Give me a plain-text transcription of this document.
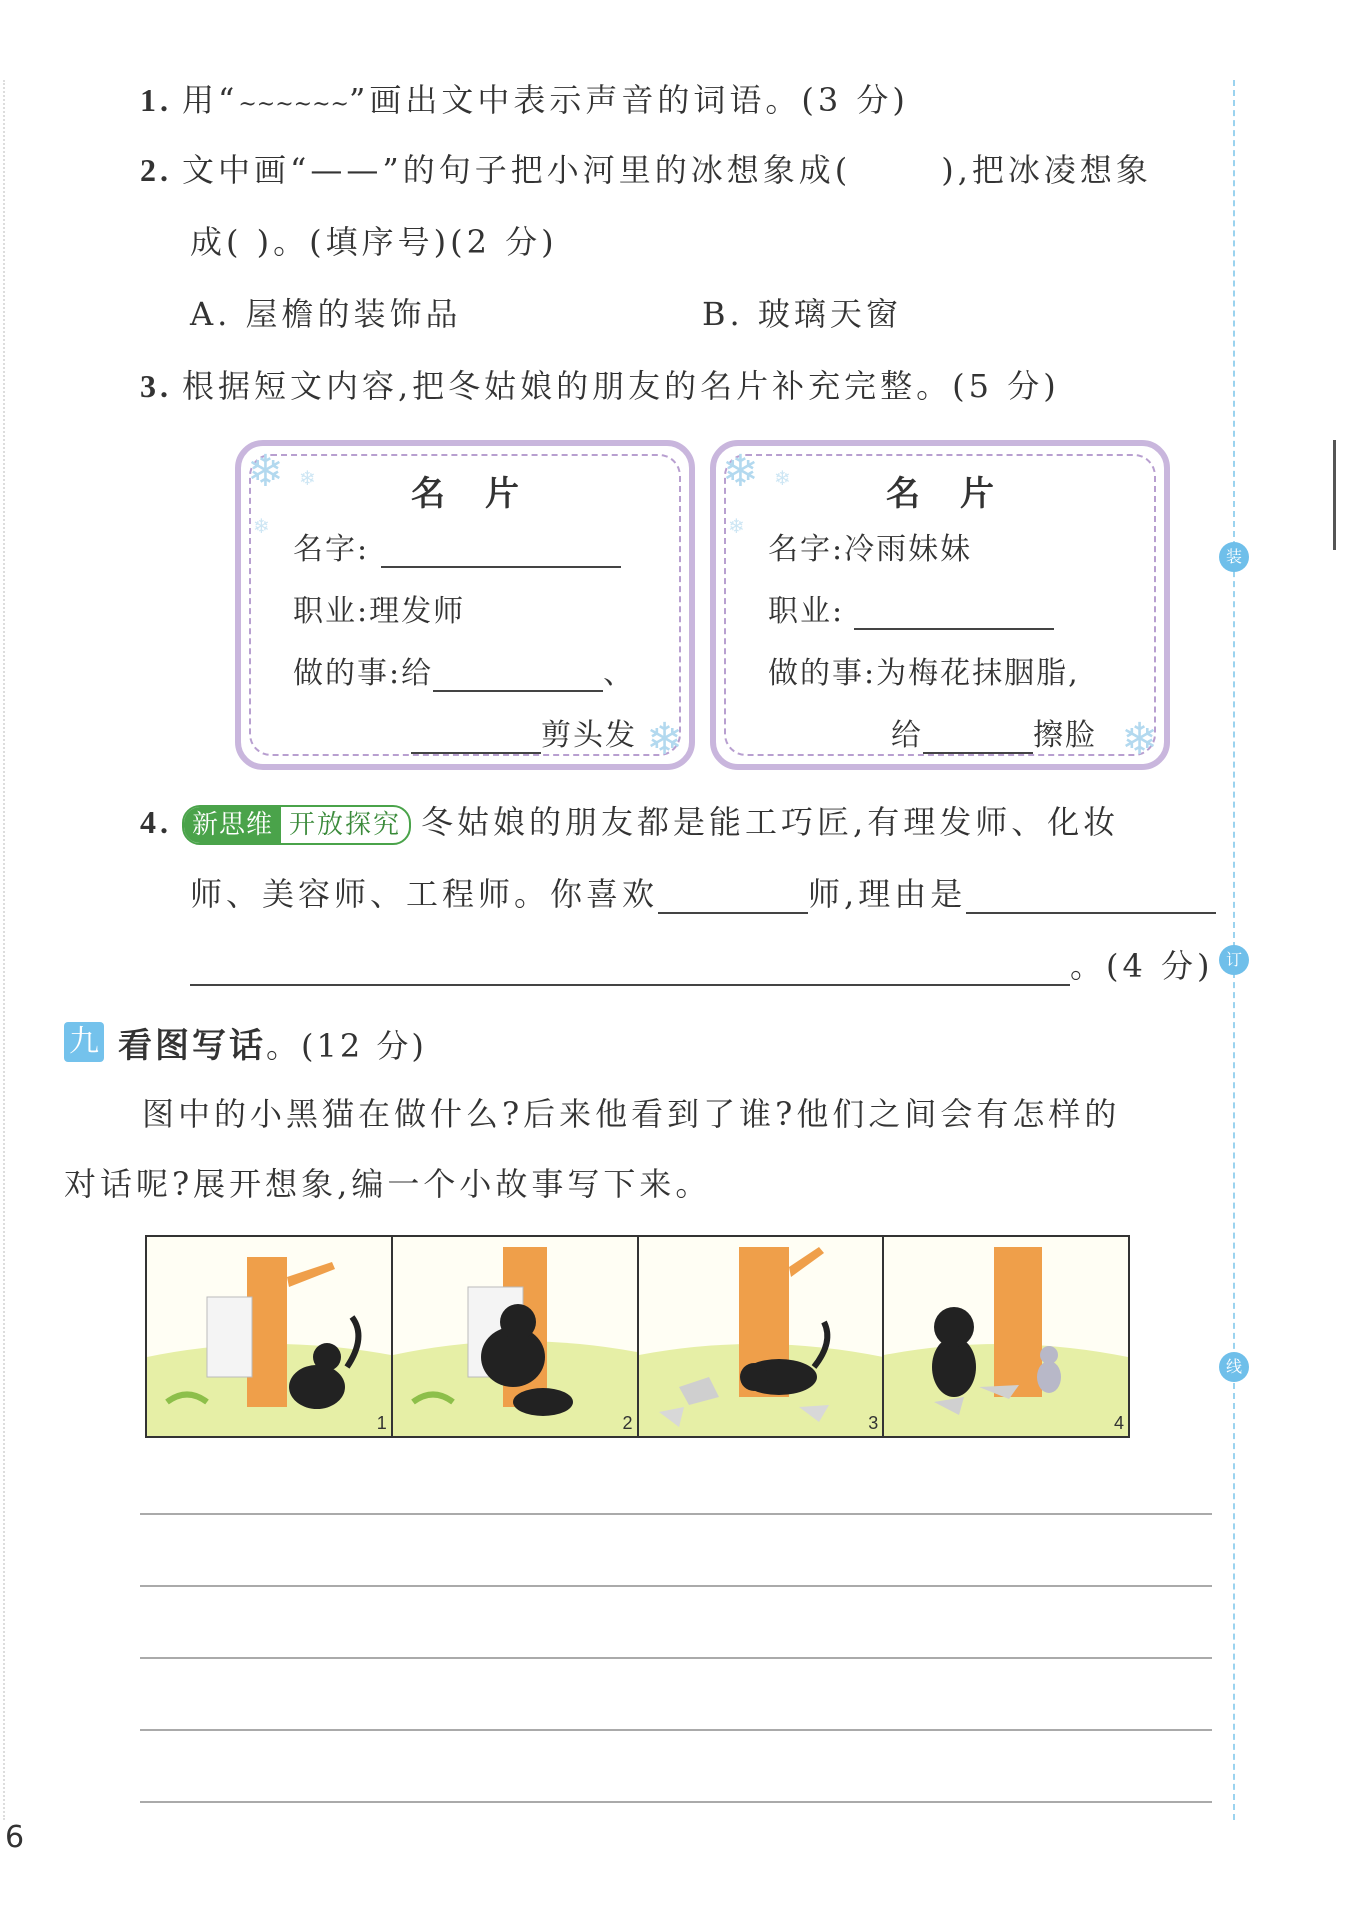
1. 用“~~~~~~”画出文中表示声音的词语。(3 分)
2. 文中画“——”的句子把小河里的冰想象成(	),把冰凌想象
成( )。(填序号)(2 分)
A. 屋檐的装饰品	B. 玻璃天窗
3. 根据短文内容,把冬姑娘的朋友的名片补充完整。(5 分)
❄ ❄
❄
❄
名片
名字:
职业:理发师
做的事:给	、
剪头发
❄ ❄
❄
❄
名片
名字:冷雨妹妹
职业:
做的事:为梅花抹胭脂,
给	擦脸
4. 新思维 开放探究 冬姑娘的朋友都是能工巧匠,有理发师、化妆
师、美容师、工程师。你喜欢	师,理由是
。(4 分)
九 看图写话。(12 分)
图中的小黑猫在做什么?后来他看到了谁?他们之间会有怎样的
对话呢?展开想象,编一个小故事写下来。
1	2	3	4
装
订
线
6
